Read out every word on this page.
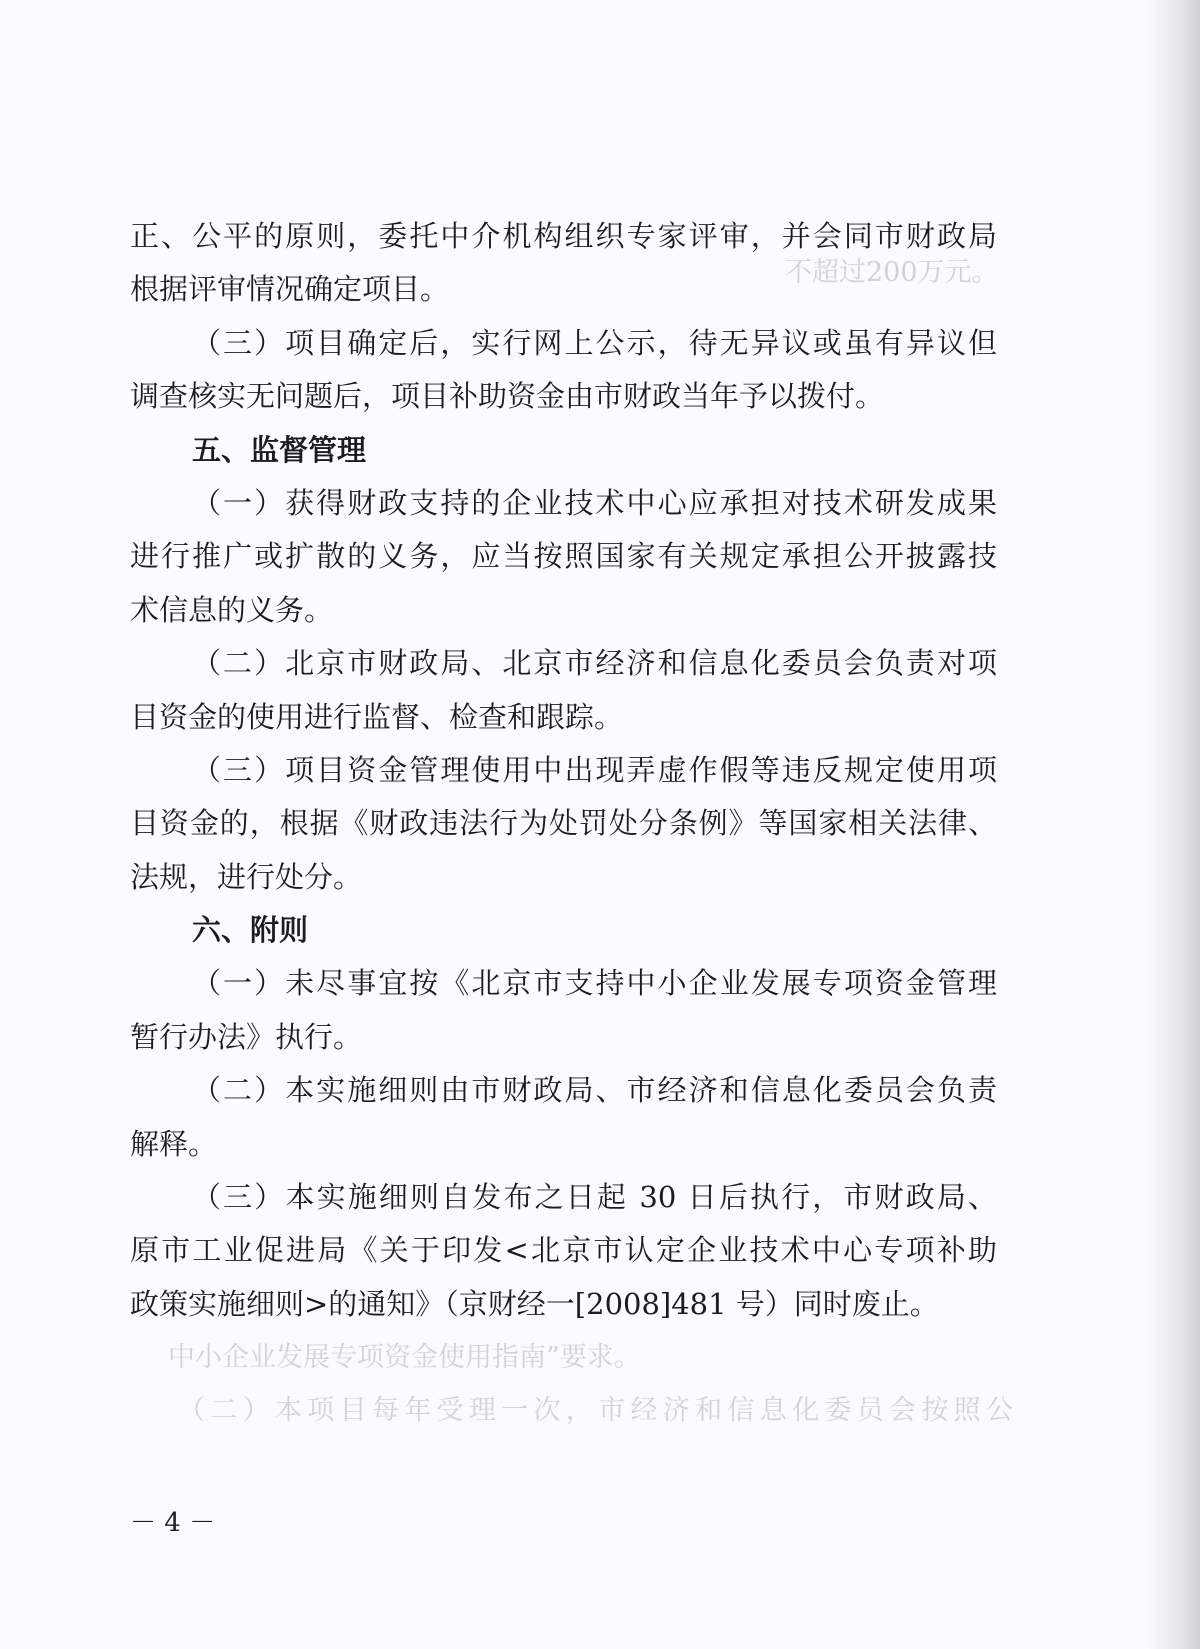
不超过200万元。
中小企业发展专项资金使用指南”要求。
（二）本项目每年受理一次，市经济和信息化委员会按照公
正、公平的原则，委托中介机构组织专家评审，并会同市财政局
根据评审情况确定项目。
（三）项目确定后，实行网上公示，待无异议或虽有异议但
调查核实无问题后，项目补助资金由市财政当年予以拨付。
五、监督管理
（一）获得财政支持的企业技术中心应承担对技术研发成果
进行推广或扩散的义务，应当按照国家有关规定承担公开披露技
术信息的义务。
（二）北京市财政局、北京市经济和信息化委员会负责对项
目资金的使用进行监督、检查和跟踪。
（三）项目资金管理使用中出现弄虚作假等违反规定使用项
目资金的，根据《财政违法行为处罚处分条例》等国家相关法律、
法规，进行处分。
六、附则
（一）未尽事宜按《北京市支持中小企业发展专项资金管理
暂行办法》执行。
（二）本实施细则由市财政局、市经济和信息化委员会负责
解释。
（三）本实施细则自发布之日起 30 日后执行，市财政局、
原市工业促进局《关于印发<北京市认定企业技术中心专项补助
政策实施细则>的通知》（京财经一[2008]481 号）同时废止。
－ 4 －
